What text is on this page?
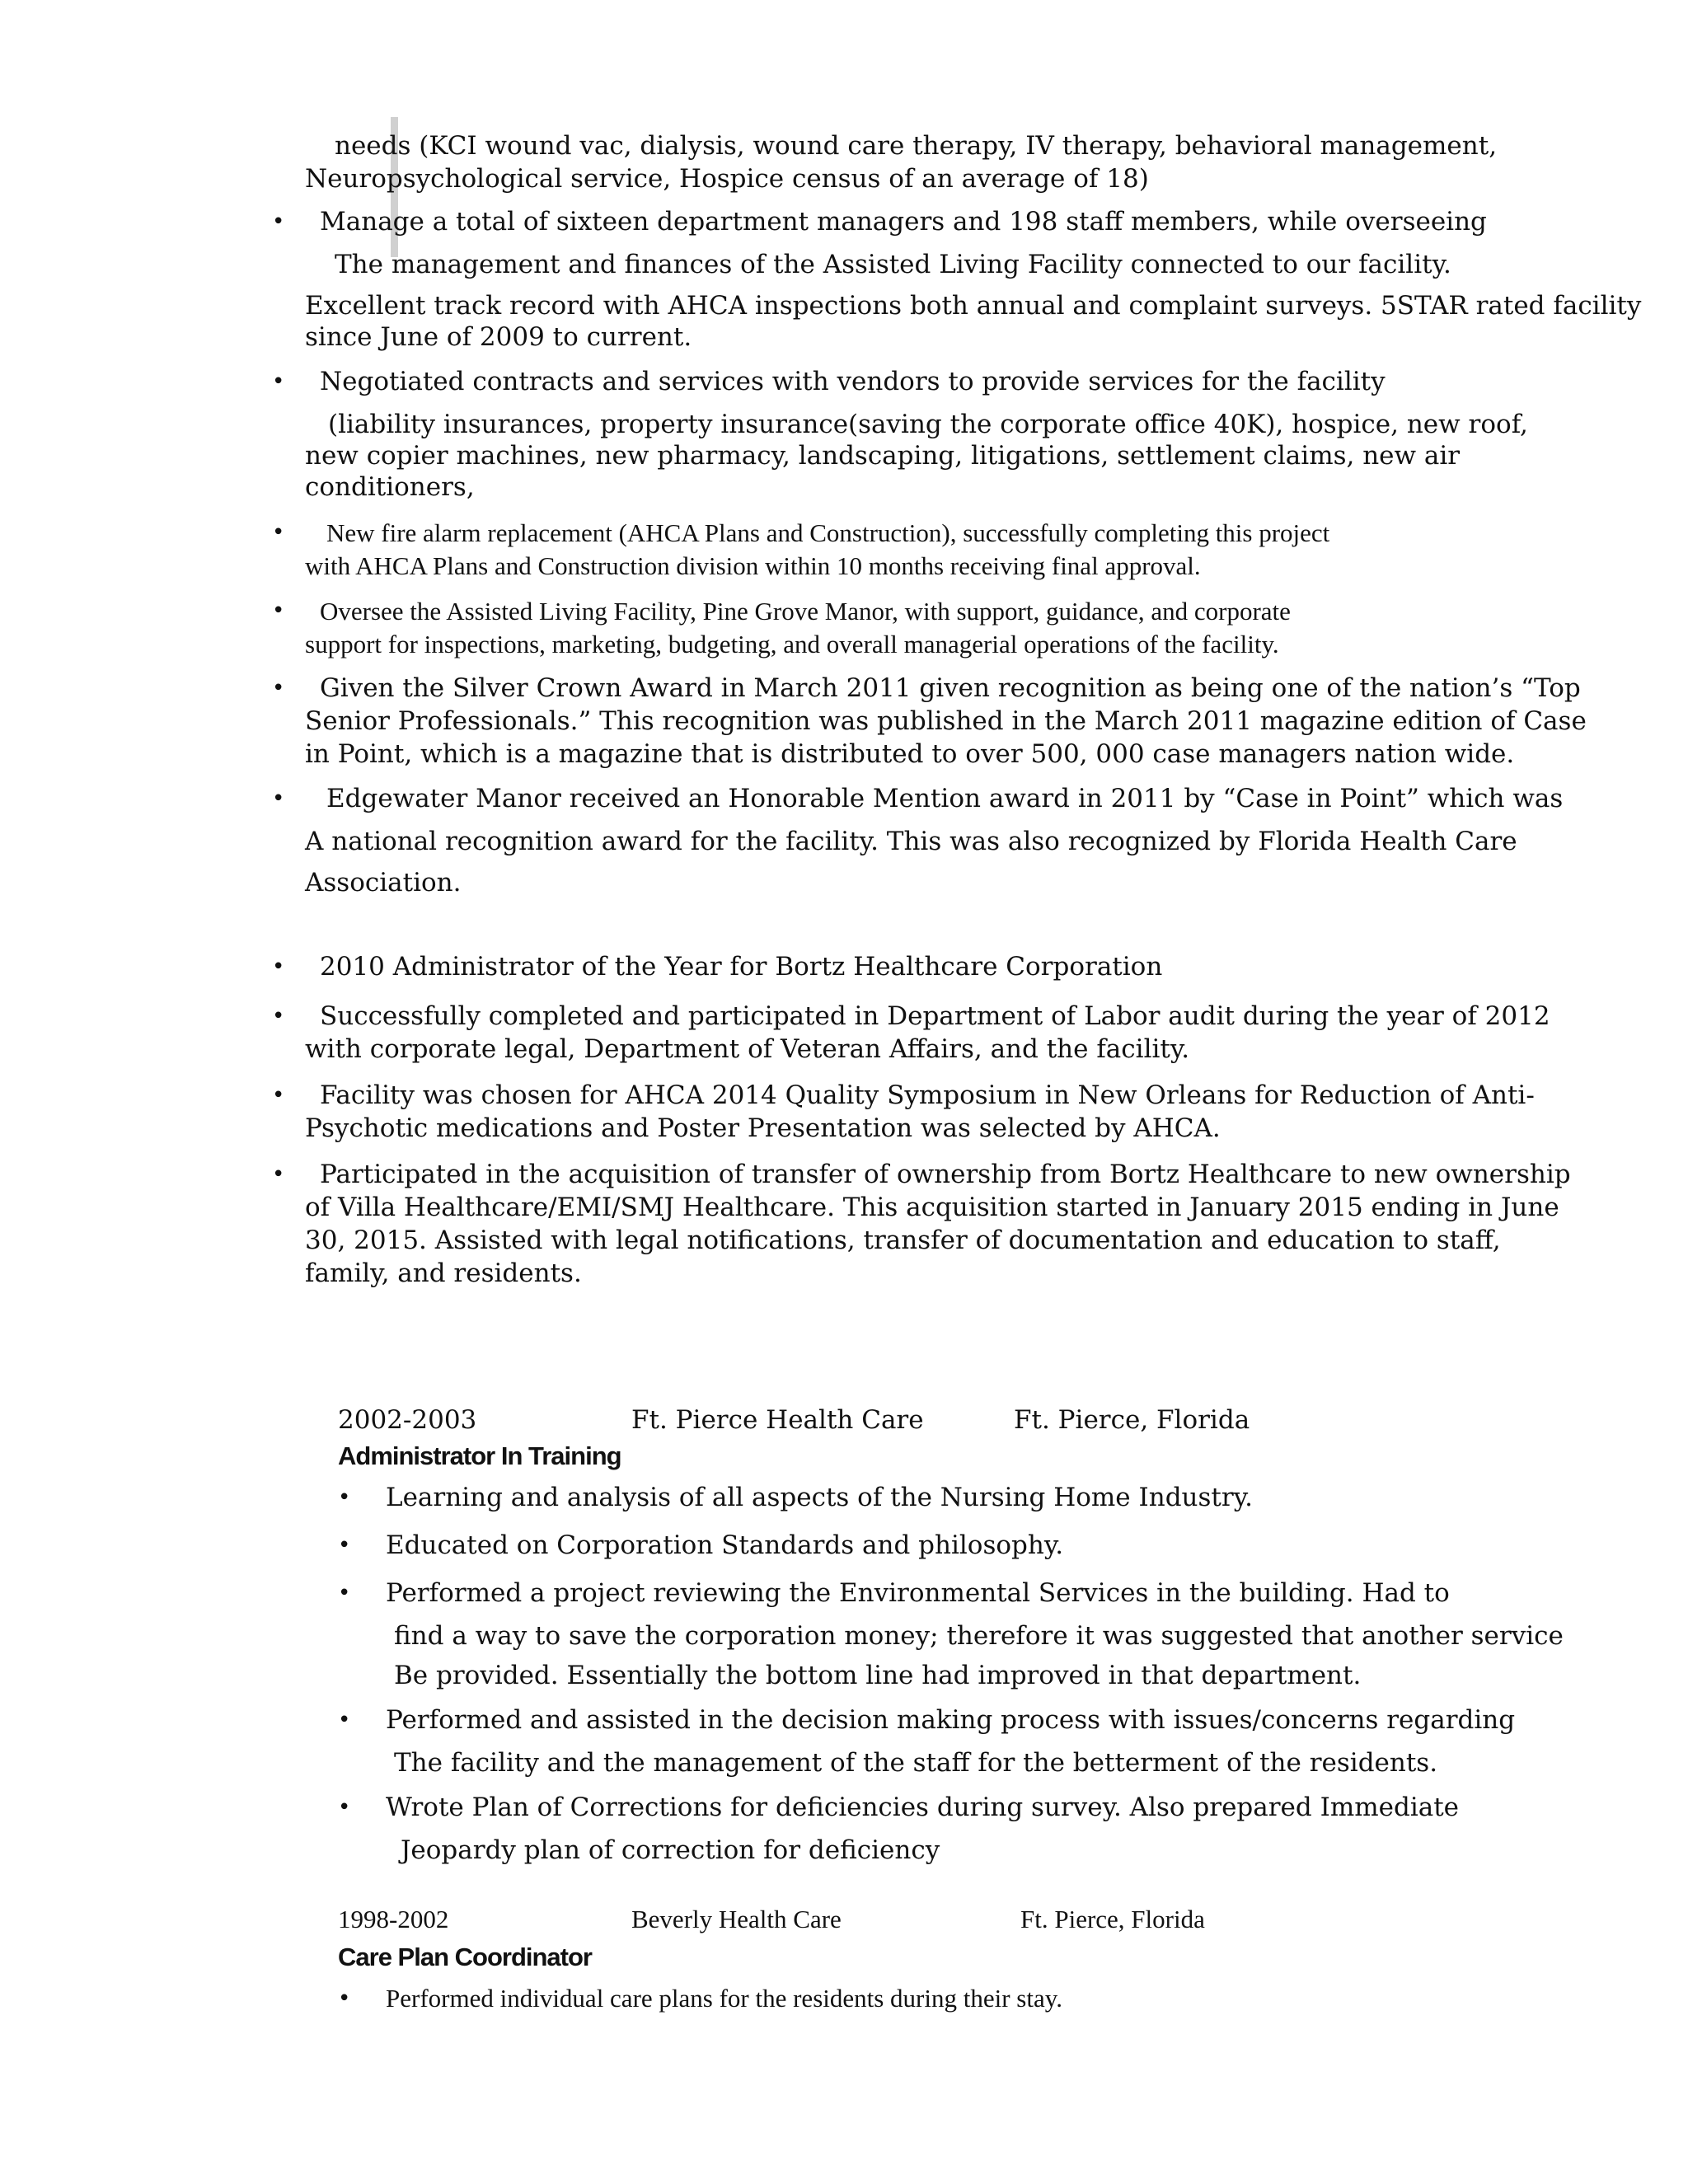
needs (KCI wound vac, dialysis, wound care therapy, IV therapy, behavioral management,
Neuropsychological service, Hospice census of an average of 18)
• Manage a total of sixteen department managers and 198 staff members, while overseeing
The management and finances of the Assisted Living Facility connected to our facility.
Excellent track record with AHCA inspections both annual and complaint surveys. 5STAR rated facility
since June of 2009 to current.
• Negotiated contracts and services with vendors to provide services for the facility
(liability insurances, property insurance(saving the corporate office 40K), hospice, new roof,
new copier machines, new pharmacy, landscaping, litigations, settlement claims, new air
conditioners,
• New fire alarm replacement (AHCA Plans and Construction), successfully completing this project
with AHCA Plans and Construction division within 10 months receiving final approval.
• Oversee the Assisted Living Facility, Pine Grove Manor, with support, guidance, and corporate
support for inspections, marketing, budgeting, and overall managerial operations of the facility.
• Given the Silver Crown Award in March 2011 given recognition as being one of the nation’s “Top
Senior Professionals.” This recognition was published in the March 2011 magazine edition of Case
in Point, which is a magazine that is distributed to over 500, 000 case managers nation wide.
• Edgewater Manor received an Honorable Mention award in 2011 by “Case in Point” which was
A national recognition award for the facility. This was also recognized by Florida Health Care
Association.
• 2010 Administrator of the Year for Bortz Healthcare Corporation
• Successfully completed and participated in Department of Labor audit during the year of 2012
with corporate legal, Department of Veteran Affairs, and the facility.
• Facility was chosen for AHCA 2014 Quality Symposium in New Orleans for Reduction of Anti-
Psychotic medications and Poster Presentation was selected by AHCA.
• Participated in the acquisition of transfer of ownership from Bortz Healthcare to new ownership
of Villa Healthcare/EMI/SMJ Healthcare. This acquisition started in January 2015 ending in June
30, 2015. Assisted with legal notifications, transfer of documentation and education to staff,
family, and residents.
2002-2003	Ft. Pierce Health Care	Ft. Pierce, Florida
Administrator In Training
• Learning and analysis of all aspects of the Nursing Home Industry.
• Educated on Corporation Standards and philosophy.
• Performed a project reviewing the Environmental Services in the building. Had to
find a way to save the corporation money; therefore it was suggested that another service
Be provided. Essentially the bottom line had improved in that department.
• Performed and assisted in the decision making process with issues/concerns regarding
The facility and the management of the staff for the betterment of the residents.
• Wrote Plan of Corrections for deficiencies during survey. Also prepared Immediate
Jeopardy plan of correction for deficiency
1998-2002	Beverly Health Care	Ft. Pierce, Florida
Care Plan Coordinator
• Performed individual care plans for the residents during their stay.
